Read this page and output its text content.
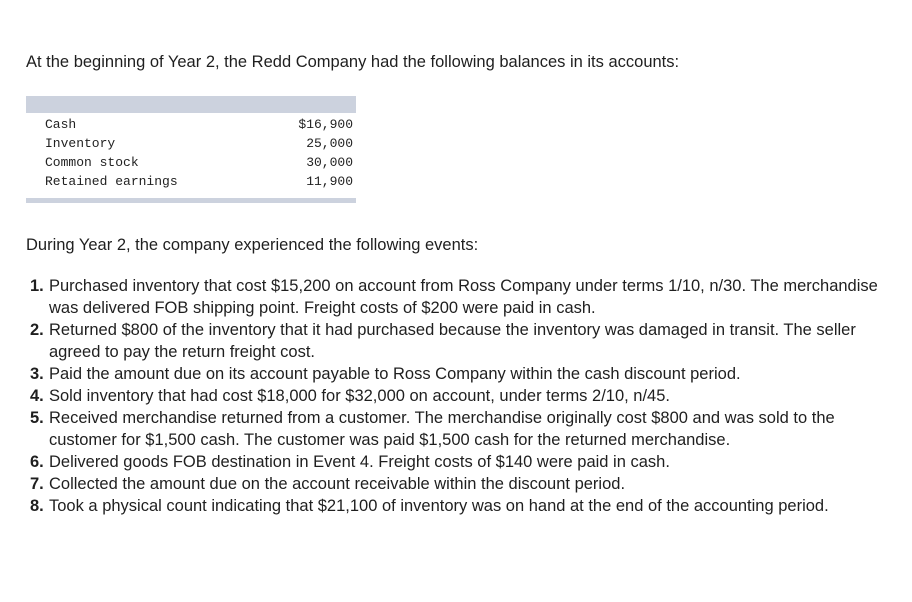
At the beginning of Year 2, the Redd Company had the following balances in its accounts:

Cash	$16,900
Inventory	25,000
Common stock	30,000
Retained earnings	11,900

During Year 2, the company experienced the following events:

1. Purchased inventory that cost $15,200 on account from Ross Company under terms 1/10, n/30. The merchandise was delivered FOB shipping point. Freight costs of $200 were paid in cash.
2. Returned $800 of the inventory that it had purchased because the inventory was damaged in transit. The seller agreed to pay the return freight cost.
3. Paid the amount due on its account payable to Ross Company within the cash discount period.
4. Sold inventory that had cost $18,000 for $32,000 on account, under terms 2/10, n/45.
5. Received merchandise returned from a customer. The merchandise originally cost $800 and was sold to the customer for $1,500 cash. The customer was paid $1,500 cash for the returned merchandise.
6. Delivered goods FOB destination in Event 4. Freight costs of $140 were paid in cash.
7. Collected the amount due on the account receivable within the discount period.
8. Took a physical count indicating that $21,100 of inventory was on hand at the end of the accounting period.
